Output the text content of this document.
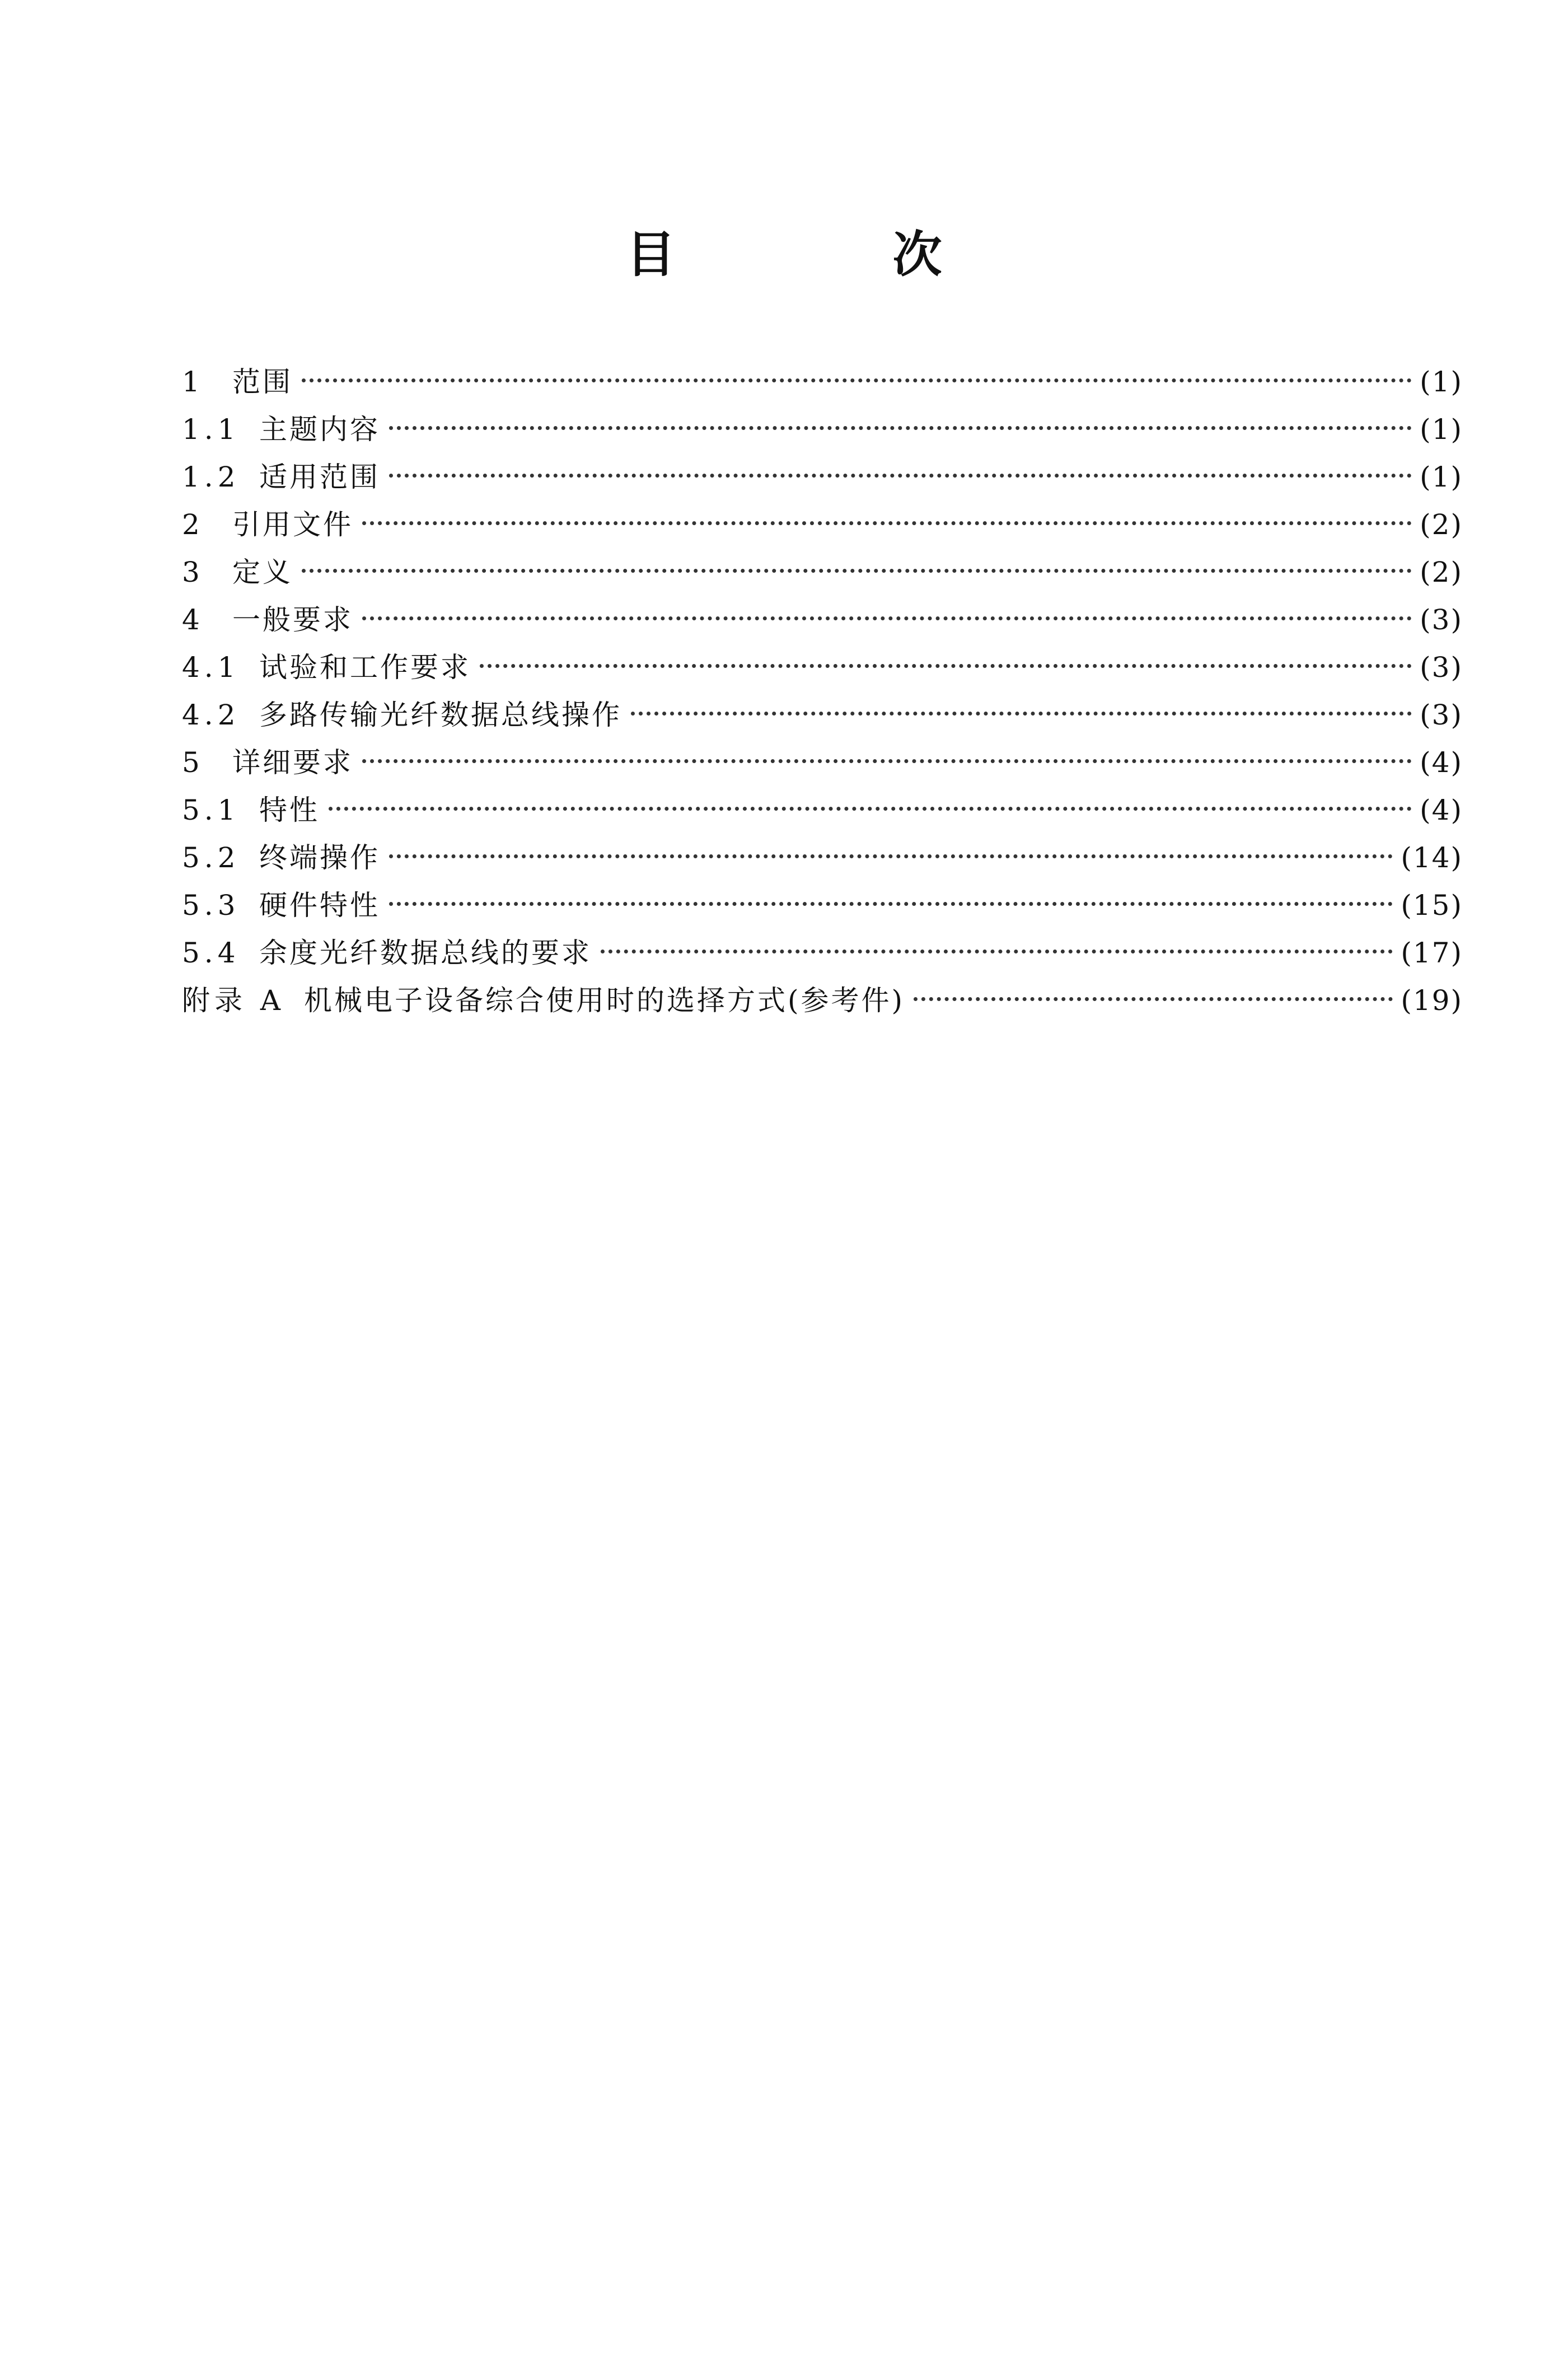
目　次
1	范围	(1)
1.1 主题内容	(1)
1.2 适用范围	(1)
2	引用文件	(2)
3	定义	(2)
4	一般要求	(3)
4.1 试验和工作要求	(3)
4.2 多路传输光纤数据总线操作	(3)
5	详细要求	(4)
5.1 特性	(4)
5.2 终端操作	(14)
5.3 硬件特性	(15)
5.4 余度光纤数据总线的要求	(17)
附录 A 机械电子设备综合使用时的选择方式(参考件)	(19)
